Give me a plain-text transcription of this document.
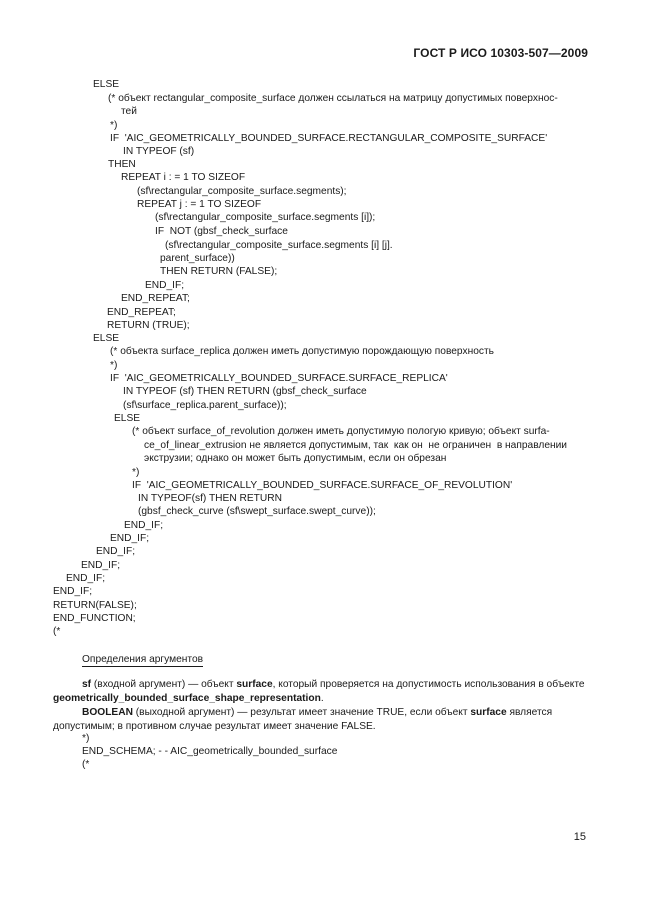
ГОСТ Р ИСО 10303-507—2009
ELSE
(* объект rectangular_composite_surface должен ссылаться на матрицу допустимых поверхнос-
тей
*)
IF  'AIC_GEOMETRICALLY_BOUNDED_SURFACE.RECTANGULAR_COMPOSITE_SURFACE'
IN TYPEOF (sf)
THEN
REPEAT i : = 1 TO SIZEOF
(sf\rectangular_composite_surface.segments);
REPEAT j : = 1 TO SIZEOF
(sf\rectangular_composite_surface.segments [i]);
IF  NOT (gbsf_check_surface
(sf\rectangular_composite_surface.segments [i] [j].
parent_surface))
THEN RETURN (FALSE);
END_IF;
END_REPEAT;
END_REPEAT;
RETURN (TRUE);
ELSE
(* объекта surface_replica должен иметь допустимую порождающую поверхность
*)
IF  'AIC_GEOMETRICALLY_BOUNDED_SURFACE.SURFACE_REPLICA'
IN TYPEOF (sf) THEN RETURN (gbsf_check_surface
(sf\surface_replica.parent_surface));
ELSE
(* объект surface_of_revolution должен иметь допустимую пологую кривую; объект surfa-
ce_of_linear_extrusion не является допустимым, так  как он  не ограничен  в направлении
экструзии; однако он может быть допустимым, если он обрезан
*)
IF  'AIC_GEOMETRICALLY_BOUNDED_SURFACE.SURFACE_OF_REVOLUTION'
IN TYPEOF(sf) THEN RETURN
(gbsf_check_curve (sf\swept_surface.swept_curve));
END_IF;
END_IF;
END_IF;
END_IF;
END_IF;
END_IF;
RETURN(FALSE);
END_FUNCTION;
(*
Определения аргументов
sf (входной аргумент) — объект surface, который проверяется на допустимость использования в объекте geometrically_bounded_surface_shape_representation.
BOOLEAN (выходной аргумент) — результат имеет значение TRUE, если объект surface является допустимым; в противном случае результат имеет значение FALSE.
*)
END_SCHEMA; - - AIC_geometrically_bounded_surface
(*
15
